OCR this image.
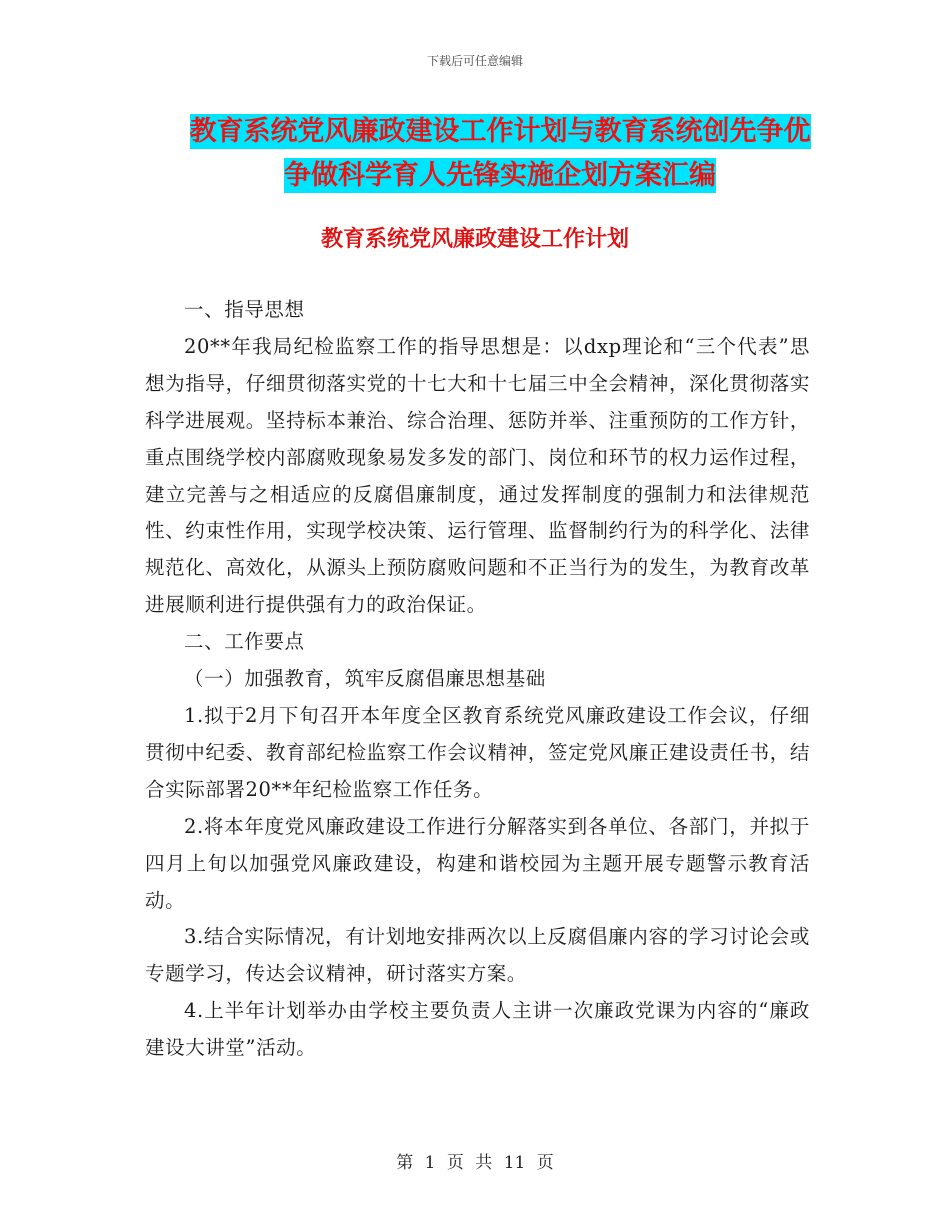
下载后可任意编辑
教育系统党风廉政建设工作计划与教育系统创先争优
争做科学育人先锋实施企划方案汇编
教育系统党风廉政建设工作计划

一、指导思想

20**年我局纪检监察工作的指导思想是：以dxp理论和“三个代表”思想为指导，仔细贯彻落实党的十七大和十七届三中全会精神，深化贯彻落实科学进展观。坚持标本兼治、综合治理、惩防并举、注重预防的工作方针，重点围绕学校内部腐败现象易发多发的部门、岗位和环节的权力运作过程，建立完善与之相适应的反腐倡廉制度，通过发挥制度的强制力和法律规范性、约束性作用，实现学校决策、运行管理、监督制约行为的科学化、法律规范化、高效化，从源头上预防腐败问题和不正当行为的发生，为教育改革进展顺利进行提供强有力的政治保证。

二、工作要点

（一）加强教育，筑牢反腐倡廉思想基础

1.拟于2月下旬召开本年度全区教育系统党风廉政建设工作会议，仔细贯彻中纪委、教育部纪检监察工作会议精神，签定党风廉正建设责任书，结合实际部署20**年纪检监察工作任务。

2.将本年度党风廉政建设工作进行分解落实到各单位、各部门，并拟于四月上旬以加强党风廉政建设，构建和谐校园为主题开展专题警示教育活动。

3.结合实际情况，有计划地安排两次以上反腐倡廉内容的学习讨论会或专题学习，传达会议精神，研讨落实方案。

4.上半年计划举办由学校主要负责人主讲一次廉政党课为内容的“廉政建设大讲堂”活动。

第 1 页 共 11 页
